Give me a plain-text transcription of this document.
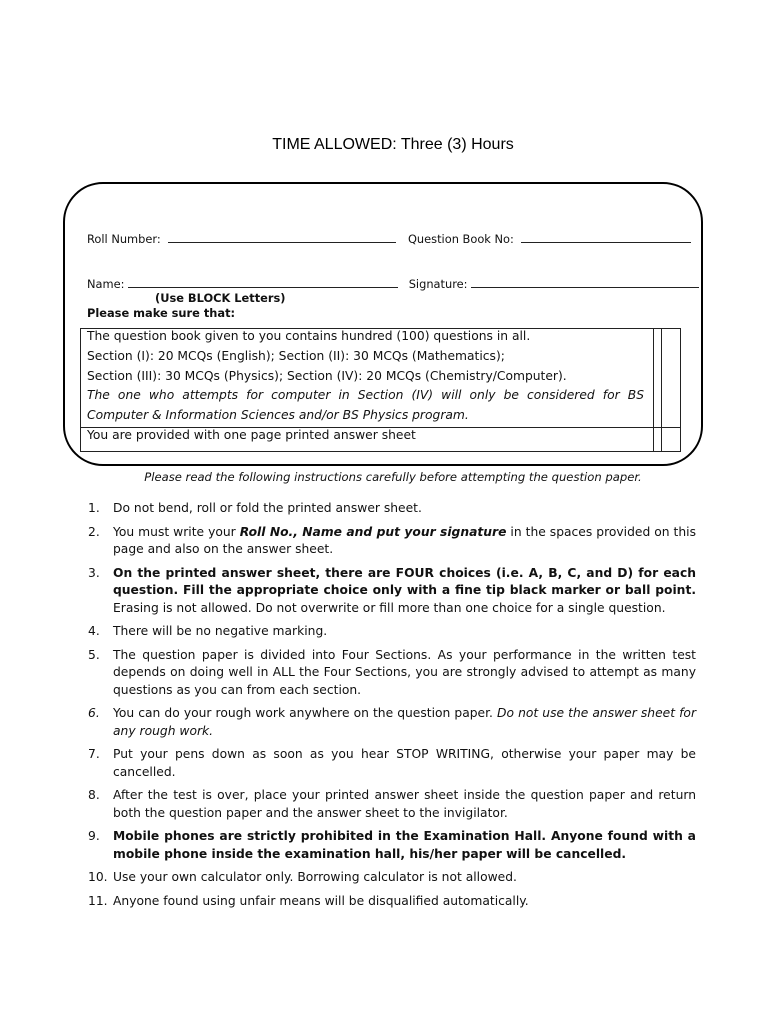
TIME ALLOWED: Three (3) Hours
Roll Number:	Question Book No:
Name:	Signature:
(Use BLOCK Letters)
Please make sure that:
The question book given to you contains hundred (100) questions in all.
Section (I): 20 MCQs (English); Section (II): 30 MCQs (Mathematics);
Section (III): 30 MCQs (Physics); Section (IV): 20 MCQs (Chemistry/Computer).
The one who attempts for computer in Section (IV) will only be considered for BS
Computer & Information Sciences and/or BS Physics program.
You are provided with one page printed answer sheet
Please read the following instructions carefully before attempting the question paper.
1.	Do not bend, roll or fold the printed answer sheet.
2.	You must write your Roll No., Name and put your signature in the spaces provided on this page and also on the answer sheet.
3.	On the printed answer sheet, there are FOUR choices (i.e. A, B, C, and D) for each question. Fill the appropriate choice only with a fine tip black marker or ball point. Erasing is not allowed. Do not overwrite or fill more than one choice for a single question.
4.	There will be no negative marking.
5.	The question paper is divided into Four Sections. As your performance in the written test depends on doing well in ALL the Four Sections, you are strongly advised to attempt as many questions as you can from each section.
6.	You can do your rough work anywhere on the question paper. Do not use the answer sheet for any rough work.
7.	Put your pens down as soon as you hear STOP WRITING, otherwise your paper may be cancelled.
8.	After the test is over, place your printed answer sheet inside the question paper and return both the question paper and the answer sheet to the invigilator.
9.	Mobile phones are strictly prohibited in the Examination Hall. Anyone found with a mobile phone inside the examination hall, his/her paper will be cancelled.
10. Use your own calculator only. Borrowing calculator is not allowed.
11. Anyone found using unfair means will be disqualified automatically.
